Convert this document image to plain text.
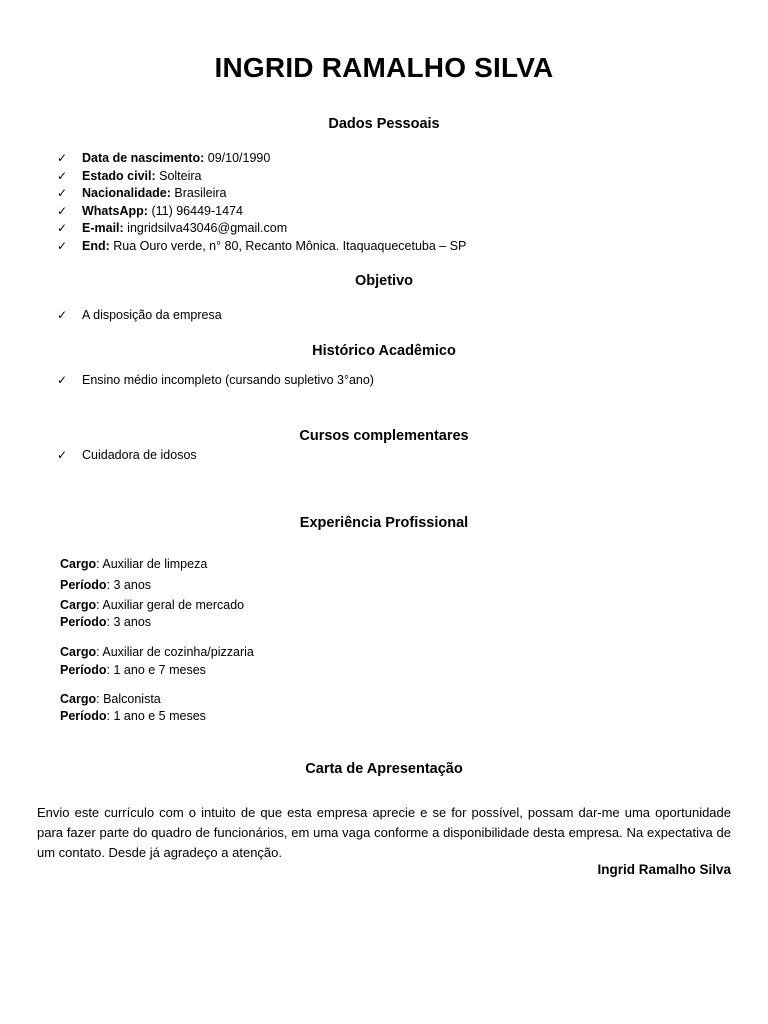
INGRID RAMALHO SILVA
Dados Pessoais
✓ Data de nascimento: 09/10/1990
✓ Estado civil: Solteira
✓ Nacionalidade: Brasileira
✓ WhatsApp: (11) 96449-1474
✓ E-mail: ingridsilva43046@gmail.com
✓ End: Rua Ouro verde, n° 80, Recanto Mônica. Itaquaquecetuba – SP
Objetivo
✓ A disposição da empresa
Histórico Acadêmico
✓ Ensino médio incompleto (cursando supletivo 3°ano)
Cursos complementares
✓ Cuidadora de idosos
Experiência Profissional
Cargo: Auxiliar de limpeza
Período: 3 anos
Cargo: Auxiliar geral de mercado
Período: 3 anos
Cargo: Auxiliar de cozinha/pizzaria
Período: 1 ano e 7 meses
Cargo: Balconista
Período: 1 ano e 5 meses
Carta de Apresentação
Envio este currículo com o intuito de que esta empresa aprecie e se for possível, possam dar-me uma oportunidade para fazer parte do quadro de funcionários, em uma vaga conforme a disponibilidade desta empresa. Na expectativa de um contato. Desde já agradeço a atenção.
Ingrid Ramalho Silva
